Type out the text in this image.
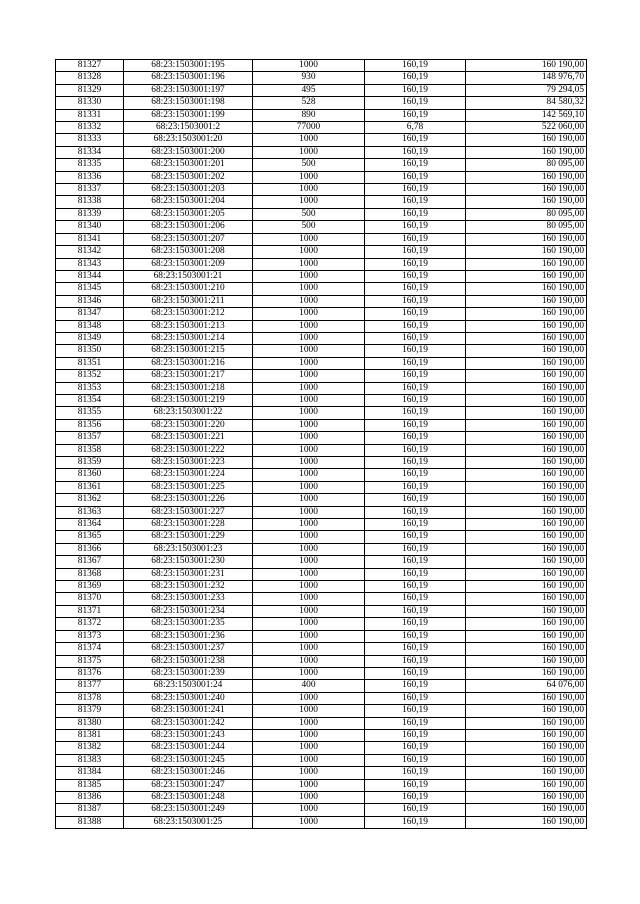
81327	68:23:1503001:195	1000	160,19	160 190,00
81328	68:23:1503001:196	930	160,19	148 976,70
81329	68:23:1503001:197	495	160,19	79 294,05
81330	68:23:1503001:198	528	160,19	84 580,32
81331	68:23:1503001:199	890	160,19	142 569,10
81332	68:23:1503001:2	77000	6,78	522 060,00
81333	68:23:1503001:20	1000	160,19	160 190,00
81334	68:23:1503001:200	1000	160,19	160 190,00
81335	68:23:1503001:201	500	160,19	80 095,00
81336	68:23:1503001:202	1000	160,19	160 190,00
81337	68:23:1503001:203	1000	160,19	160 190,00
81338	68:23:1503001:204	1000	160,19	160 190,00
81339	68:23:1503001:205	500	160,19	80 095,00
81340	68:23:1503001:206	500	160,19	80 095,00
81341	68:23:1503001:207	1000	160,19	160 190,00
81342	68:23:1503001:208	1000	160,19	160 190,00
81343	68:23:1503001:209	1000	160,19	160 190,00
81344	68:23:1503001:21	1000	160,19	160 190,00
81345	68:23:1503001:210	1000	160,19	160 190,00
81346	68:23:1503001:211	1000	160,19	160 190,00
81347	68:23:1503001:212	1000	160,19	160 190,00
81348	68:23:1503001:213	1000	160,19	160 190,00
81349	68:23:1503001:214	1000	160,19	160 190,00
81350	68:23:1503001:215	1000	160,19	160 190,00
81351	68:23:1503001:216	1000	160,19	160 190,00
81352	68:23:1503001:217	1000	160,19	160 190,00
81353	68:23:1503001:218	1000	160,19	160 190,00
81354	68:23:1503001:219	1000	160,19	160 190,00
81355	68:23:1503001:22	1000	160,19	160 190,00
81356	68:23:1503001:220	1000	160,19	160 190,00
81357	68:23:1503001:221	1000	160,19	160 190,00
81358	68:23:1503001:222	1000	160,19	160 190,00
81359	68:23:1503001:223	1000	160,19	160 190,00
81360	68:23:1503001:224	1000	160,19	160 190,00
81361	68:23:1503001:225	1000	160,19	160 190,00
81362	68:23:1503001:226	1000	160,19	160 190,00
81363	68:23:1503001:227	1000	160,19	160 190,00
81364	68:23:1503001:228	1000	160,19	160 190,00
81365	68:23:1503001:229	1000	160,19	160 190,00
81366	68:23:1503001:23	1000	160,19	160 190,00
81367	68:23:1503001:230	1000	160,19	160 190,00
81368	68:23:1503001:231	1000	160,19	160 190,00
81369	68:23:1503001:232	1000	160,19	160 190,00
81370	68:23:1503001:233	1000	160,19	160 190,00
81371	68:23:1503001:234	1000	160,19	160 190,00
81372	68:23:1503001:235	1000	160,19	160 190,00
81373	68:23:1503001:236	1000	160,19	160 190,00
81374	68:23:1503001:237	1000	160,19	160 190,00
81375	68:23:1503001:238	1000	160,19	160 190,00
81376	68:23:1503001:239	1000	160,19	160 190,00
81377	68:23:1503001:24	400	160,19	64 076,00
81378	68:23:1503001:240	1000	160,19	160 190,00
81379	68:23:1503001:241	1000	160,19	160 190,00
81380	68:23:1503001:242	1000	160,19	160 190,00
81381	68:23:1503001:243	1000	160,19	160 190,00
81382	68:23:1503001:244	1000	160,19	160 190,00
81383	68:23:1503001:245	1000	160,19	160 190,00
81384	68:23:1503001:246	1000	160,19	160 190,00
81385	68:23:1503001:247	1000	160,19	160 190,00
81386	68:23:1503001:248	1000	160,19	160 190,00
81387	68:23:1503001:249	1000	160,19	160 190,00
81388	68:23:1503001:25	1000	160,19	160 190,00
